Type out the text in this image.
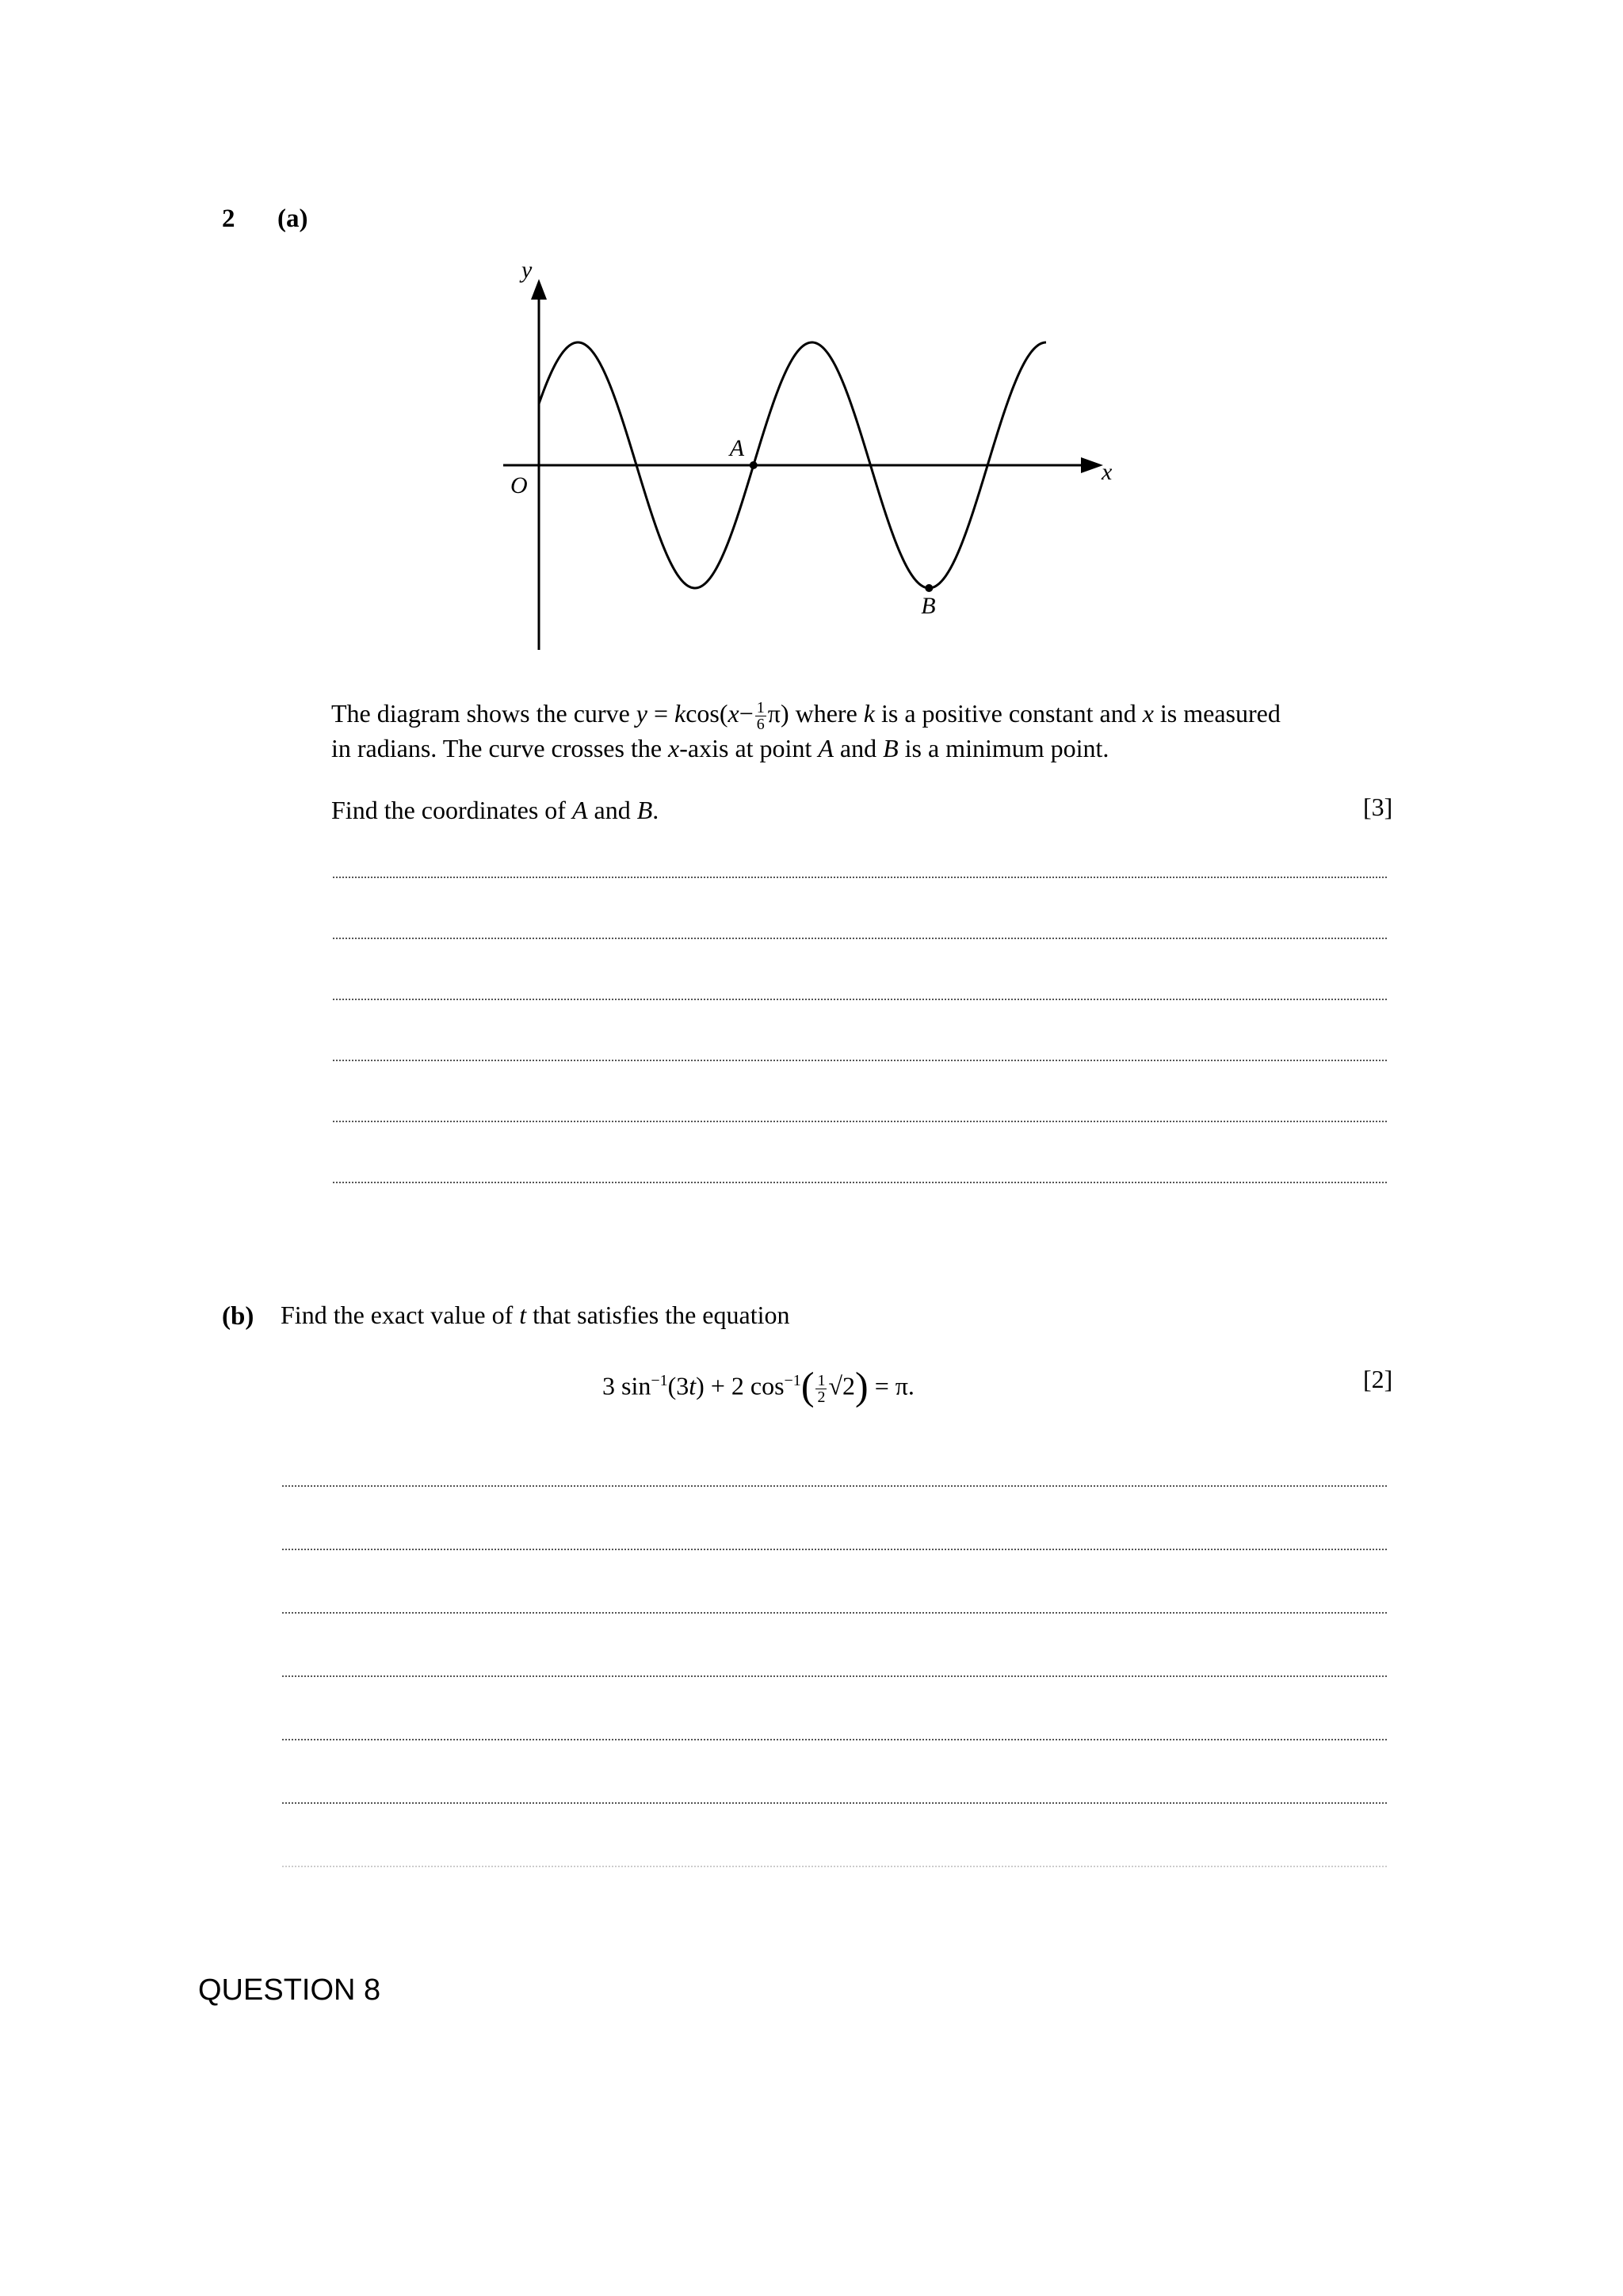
2 (a)
y
x
O
A
B
The diagram shows the curve $y = kcos(x- \frac{1}{6} \pi)$ where k is a positive constant and x is measured
in radians. The curve crosses the x-axis at point A and B is a minimum point.
Find the coordinates of A and B.	[3]
(b) Find the exact value of t that satisfies the equation
3 $\sin^{-1}(3t) + 2$ $\cos^{-1}( \frac{1}{2} √2) = \pi$.	[2]
QUESTION 8
